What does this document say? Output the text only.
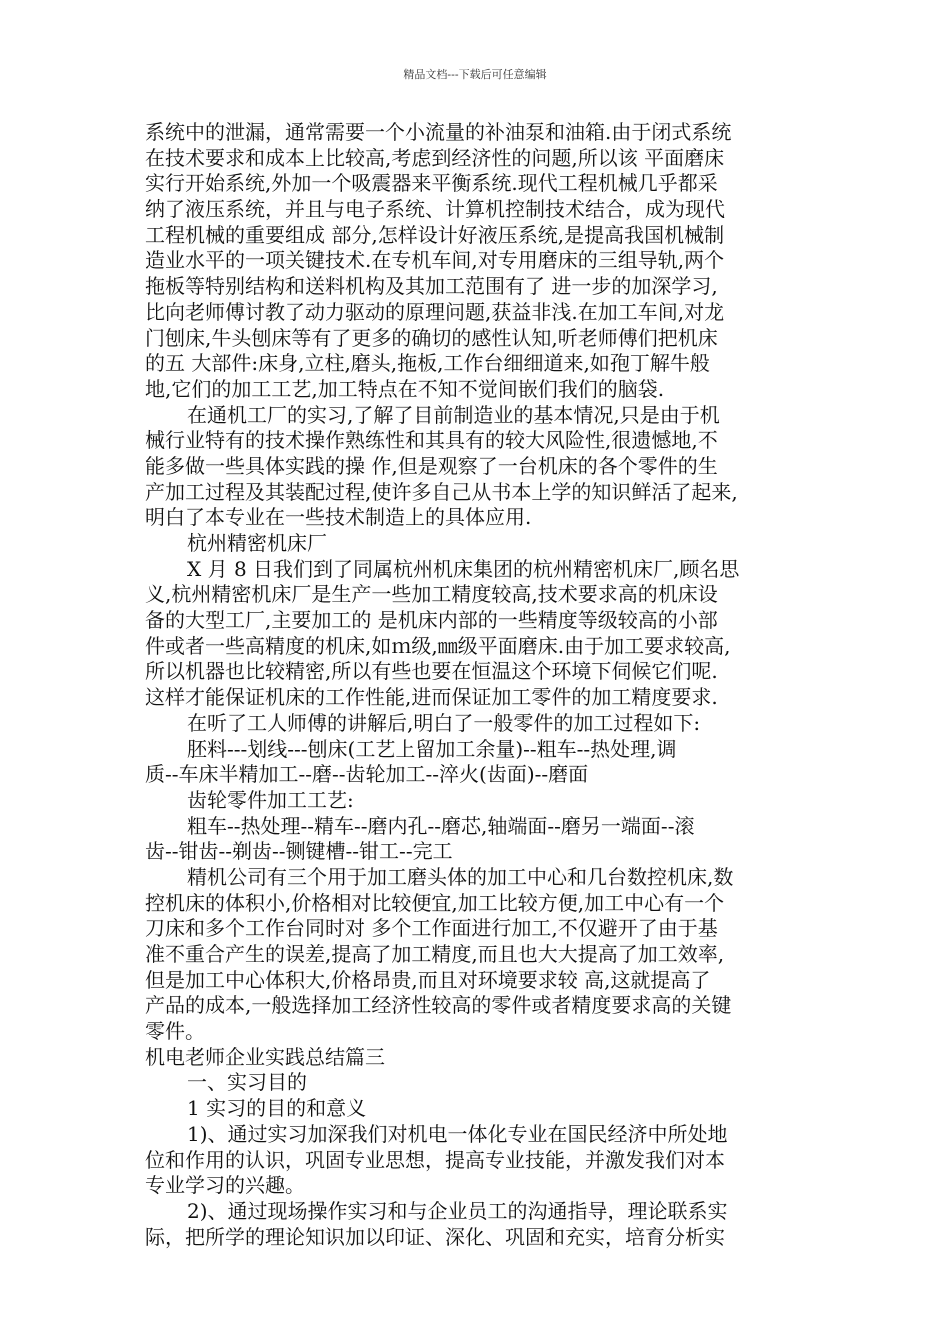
精品文档---下载后可任意编辑
系统中的泄漏，通常需要一个小流量的补油泵和油箱.由于闭式系统
在技术要求和成本上比较高,考虑到经济性的问题,所以该 平面磨床
实行开始系统,外加一个吸震器来平衡系统.现代工程机械几乎都采
纳了液压系统，并且与电子系统、计算机控制技术结合，成为现代
工程机械的重要组成 部分,怎样设计好液压系统,是提高我国机械制
造业水平的一项关键技术.在专机车间,对专用磨床的三组导轨,两个
拖板等特别结构和送料机构及其加工范围有了 进一步的加深学习,
比向老师傅讨教了动力驱动的原理问题,获益非浅.在加工车间,对龙
门刨床,牛头刨床等有了更多的确切的感性认知,听老师傅们把机床
的五 大部件:床身,立柱,磨头,拖板,工作台细细道来,如孢丁解牛般
地,它们的加工工艺,加工特点在不知不觉间嵌们我们的脑袋.
在通机工厂的实习,了解了目前制造业的基本情况,只是由于机
械行业特有的技术操作熟练性和其具有的较大风险性,很遗憾地,不
能多做一些具体实践的操 作,但是观察了一台机床的各个零件的生
产加工过程及其装配过程,使许多自己从书本上学的知识鲜活了起来,
明白了本专业在一些技术制造上的具体应用.
杭州精密机床厂
X 月 8 日我们到了同属杭州机床集团的杭州精密机床厂,顾名思
义,杭州精密机床厂是生产一些加工精度较高,技术要求高的机床设
备的大型工厂,主要加工的 是机床内部的一些精度等级较高的小部
件或者一些高精度的机床,如ｍ级,㎜级平面磨床.由于加工要求较高,
所以机器也比较精密,所以有些也要在恒温这个环境下伺候它们呢.
这样才能保证机床的工作性能,进而保证加工零件的加工精度要求.
在听了工人师傅的讲解后,明白了一般零件的加工过程如下:
胚料---划线---刨床(工艺上留加工余量)--粗车--热处理,调
质--车床半精加工--磨--齿轮加工--淬火(齿面)--磨面
齿轮零件加工工艺:
粗车--热处理--精车--磨内孔--磨芯,轴端面--磨另一端面--滚
齿--钳齿--剃齿--铡键槽--钳工--完工
精机公司有三个用于加工磨头体的加工中心和几台数控机床,数
控机床的体积小,价格相对比较便宜,加工比较方便,加工中心有一个
刀床和多个工作台同时对 多个工作面进行加工,不仅避开了由于基
准不重合产生的误差,提高了加工精度,而且也大大提高了加工效率,
但是加工中心体积大,价格昂贵,而且对环境要求较 高,这就提高了
产品的成本,一般选择加工经济性较高的零件或者精度要求高的关键
零件。
机电老师企业实践总结篇三
一、实习目的
1 实习的目的和意义
1)、通过实习加深我们对机电一体化专业在国民经济中所处地
位和作用的认识，巩固专业思想，提高专业技能，并激发我们对本
专业学习的兴趣。
2)、通过现场操作实习和与企业员工的沟通指导，理论联系实
际，把所学的理论知识加以印证、深化、巩固和充实，培育分析实
